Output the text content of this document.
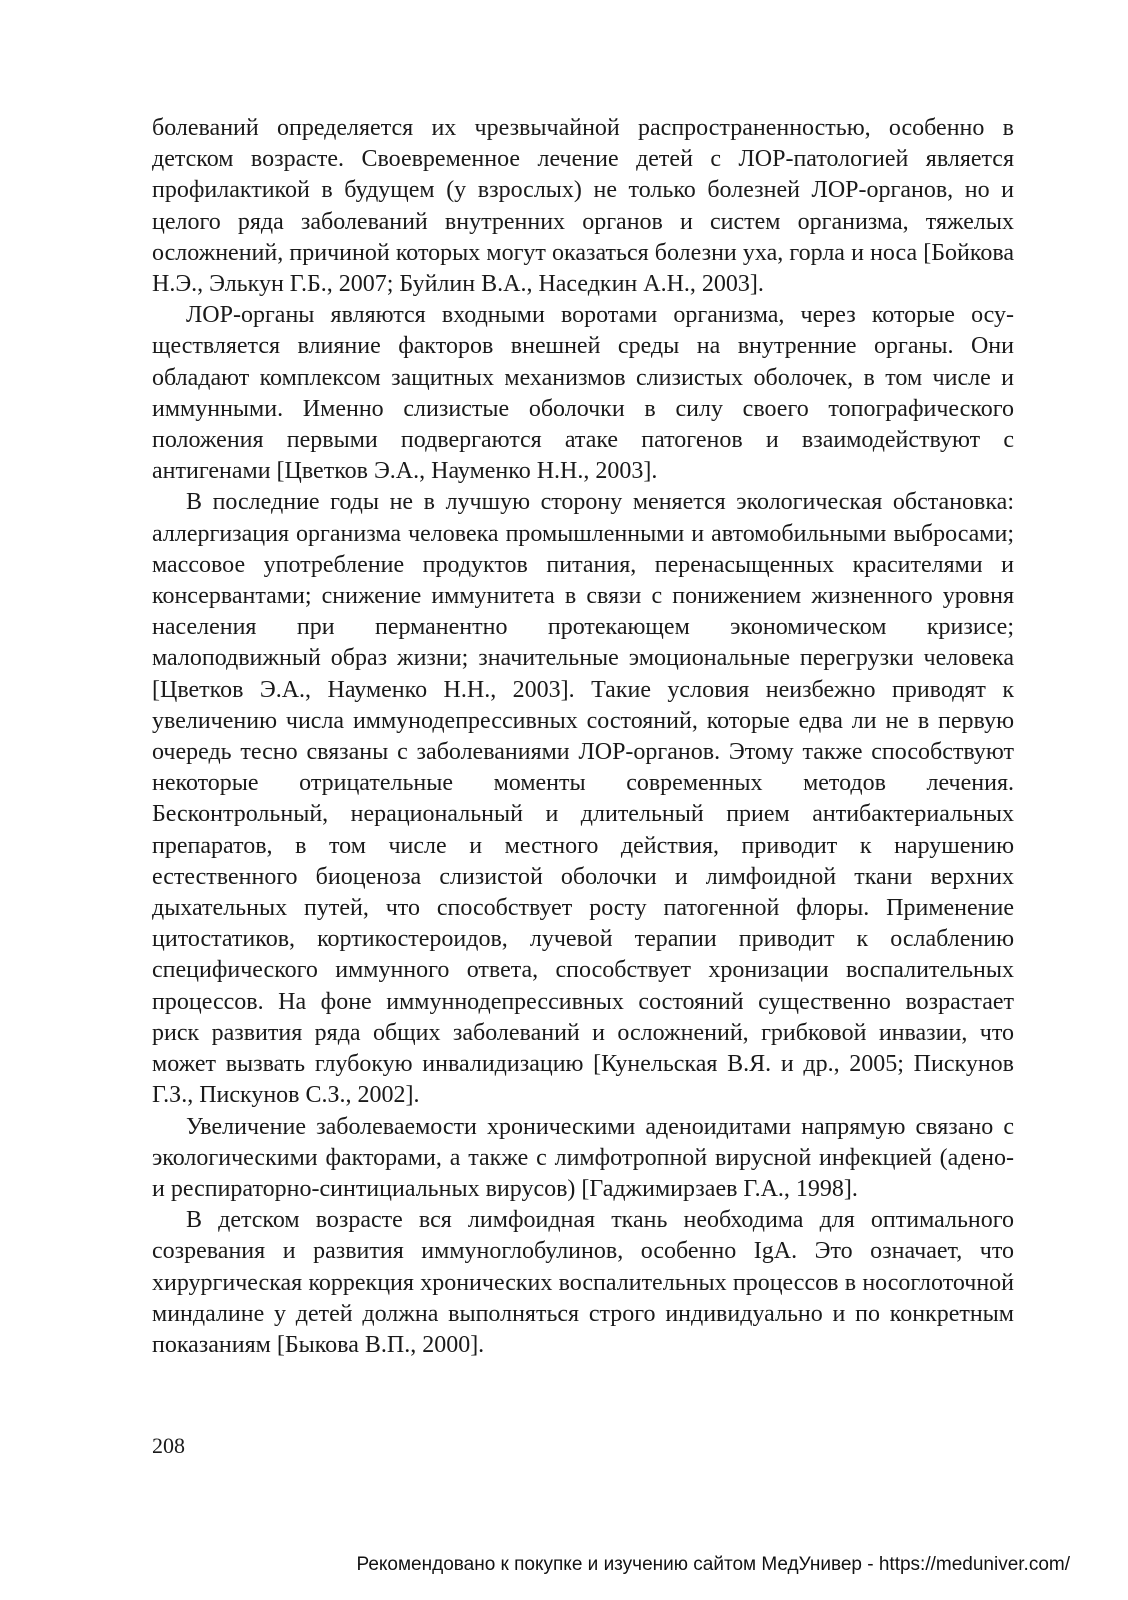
болеваний определяется их чрезвычайной распространенностью, особенно в детском возрасте. Своевременное лечение детей с ЛОР-патологией является профилактикой в будущем (у взрослых) не только болезней ЛОР-органов, но и целого ряда заболеваний внутренних органов и систем организма, тяжелых осложнений, причиной которых могут оказаться болезни уха, горла и носа [Бойкова Н.Э., Элькун Г.Б., 2007; Буйлин В.А., Наседкин А.Н., 2003].

ЛОР-органы являются входными воротами организма, через которые осуществляется влияние факторов внешней среды на внутренние органы. Они обладают комплексом защитных механизмов слизистых оболочек, в том числе и иммунными. Именно слизистые оболочки в силу своего топографического положения первыми подвергаются атаке патогенов и взаимодействуют с антигенами [Цветков Э.А., Науменко Н.Н., 2003].

В последние годы не в лучшую сторону меняется экологическая обстановка: аллергизация организма человека промышленными и автомобильными выбросами; массовое употребление продуктов питания, перенасыщенных красителями и консервантами; снижение иммунитета в связи с понижением жизненного уровня населения при перманентно протекающем экономическом кризисе; малоподвижный образ жизни; значительные эмоциональные перегрузки человека [Цветков Э.А., Науменко Н.Н., 2003]. Такие условия неизбежно приводят к увеличению числа иммунодепрессивных состояний, которые едва ли не в первую очередь тесно связаны с заболеваниями ЛОР-органов. Этому также способствуют некоторые отрицательные моменты современных методов лечения. Бесконтрольный, нерациональный и длительный прием антибактериальных препаратов, в том числе и местного действия, приводит к нарушению естественного биоценоза слизистой оболочки и лимфоидной ткани верхних дыхательных путей, что способствует росту патогенной флоры. Применение цитостатиков, кортикостероидов, лучевой терапии приводит к ослаблению специфического иммунного ответа, способствует хронизации воспалительных процессов. На фоне иммуннодепрессивных состояний существенно возрастает риск развития ряда общих заболеваний и осложнений, грибковой инвазии, что может вызвать глубокую инвалидизацию [Кунельская В.Я. и др., 2005; Пискунов Г.З., Пискунов С.З., 2002].

Увеличение заболеваемости хроническими аденоидитами напрямую связано с экологическими факторами, а также с лимфотропной вирусной инфекцией (адено- и респираторно-синтициальных вирусов) [Гаджимирзаев Г.А., 1998].

В детском возрасте вся лимфоидная ткань необходима для оптимального созревания и развития иммуноглобулинов, особенно IgA. Это означает, что хирургическая коррекция хронических воспалительных процессов в носоглоточной миндалине у детей должна выполняться строго индивидуально и по конкретным показаниям [Быкова В.П., 2000].

208
Рекомендовано к покупке и изучению сайтом МедУнивер - https://meduniver.com/
